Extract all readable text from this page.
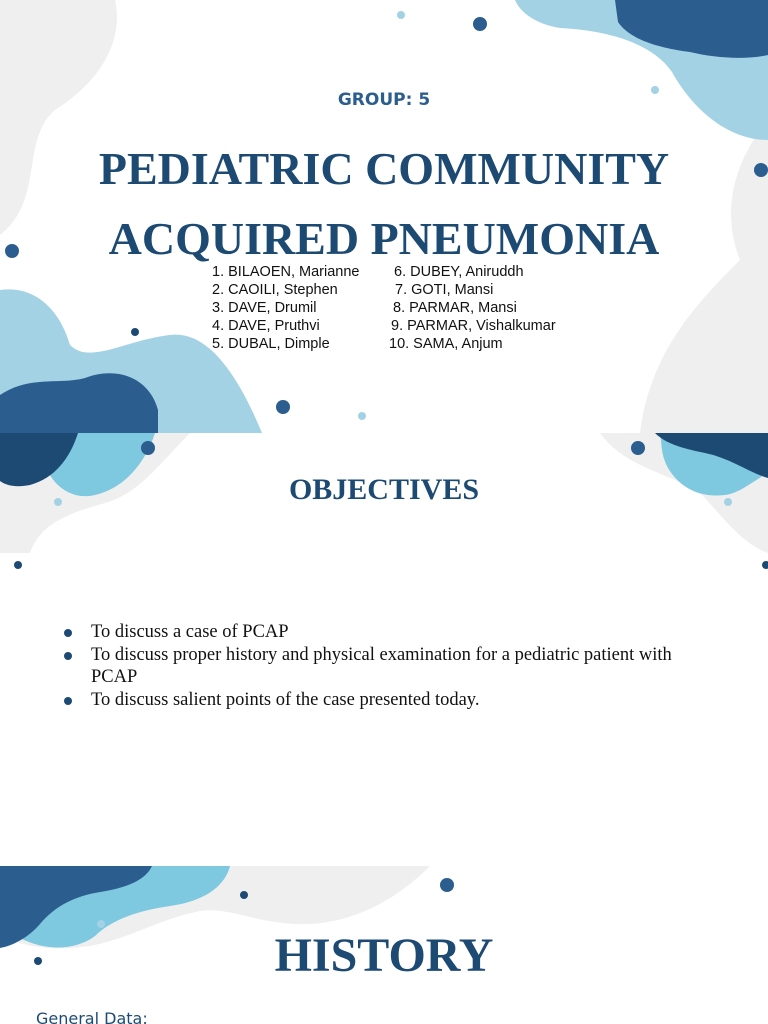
GROUP: 5
PEDIATRIC COMMUNITY
ACQUIRED PNEUMONIA
1. BILAOEN, Marianne
2. CAOILI, Stephen
3. DAVE, Drumil
4. DAVE, Pruthvi
5. DUBAL, Dimple
6. DUBEY, Aniruddh
7. GOTI, Mansi
8. PARMAR, Mansi
9. PARMAR, Vishalkumar
10. SAMA, Anjum
OBJECTIVES
To discuss a case of PCAP
To discuss proper history and physical examination for a pediatric patient with PCAP
To discuss salient points of the case presented today.
HISTORY
General Data:
